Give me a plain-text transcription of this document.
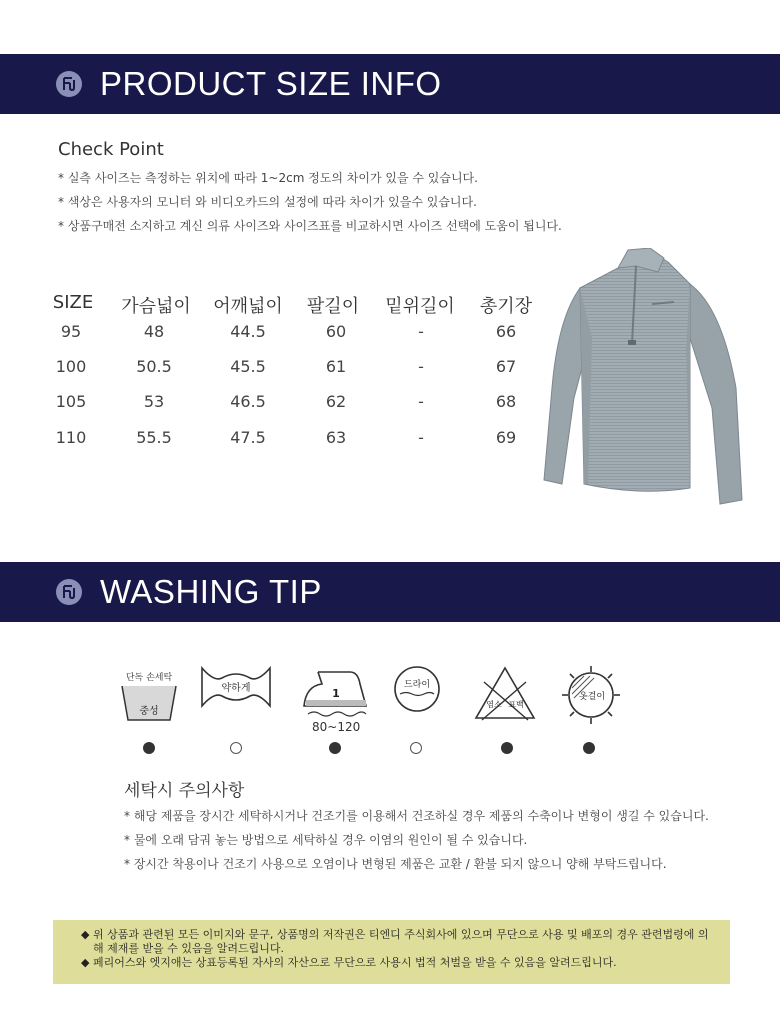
PRODUCT SIZE INFO
Check Point
* 실측 사이즈는 측정하는 위치에 따라 1~2cm 정도의 차이가 있을 수 있습니다.
* 색상은 사용자의 모니터 와 비디오카드의 설정에 따라 차이가 있을수 있습니다.
* 상품구매전 소지하고 계신 의류 사이즈와 사이즈표를 비교하시면 사이즈 선택에 도움이 됩니다.
SIZE 가슴넓이 어깨넓이 팔길이 밑위길이 총기장
95	48	44.5	60	-	66
100	50.5	45.5	61	-	67
105	53	46.5	62	-	68
110	55.5	47.5	63	-	69
WASHING TIP
단독 손세탁
중성
약하게	1
80~120
드라이
염소 표백
옷걸이
세탁시 주의사항
* 해당 제품을 장시간 세탁하시거나 건조기를 이용해서 건조하실 경우 제품의 수축이나 변형이 생길 수 있습니다.
* 물에 오래 담궈 놓는 방법으로 세탁하실 경우 이염의 원인이 될 수 있습니다.
* 장시간 착용이나 건조기 사용으로 오염이나 변형된 제품은 교환 / 환불 되지 않으니 양해 부탁드립니다.
◆ 위 상품과 관련된 모든 이미지와 문구, 상품명의 저작권은 티엔디 주식회사에 있으며 무단으로 사용 및 배포의 경우 관련법령에 의해 제재를 받을 수 있음을 알려드립니다.
◆ 페리어스와 엣지애는 상표등록된 자사의 자산으로 무단으로 사용시 법적 처벌을 받을 수 있음을 알려드립니다.
